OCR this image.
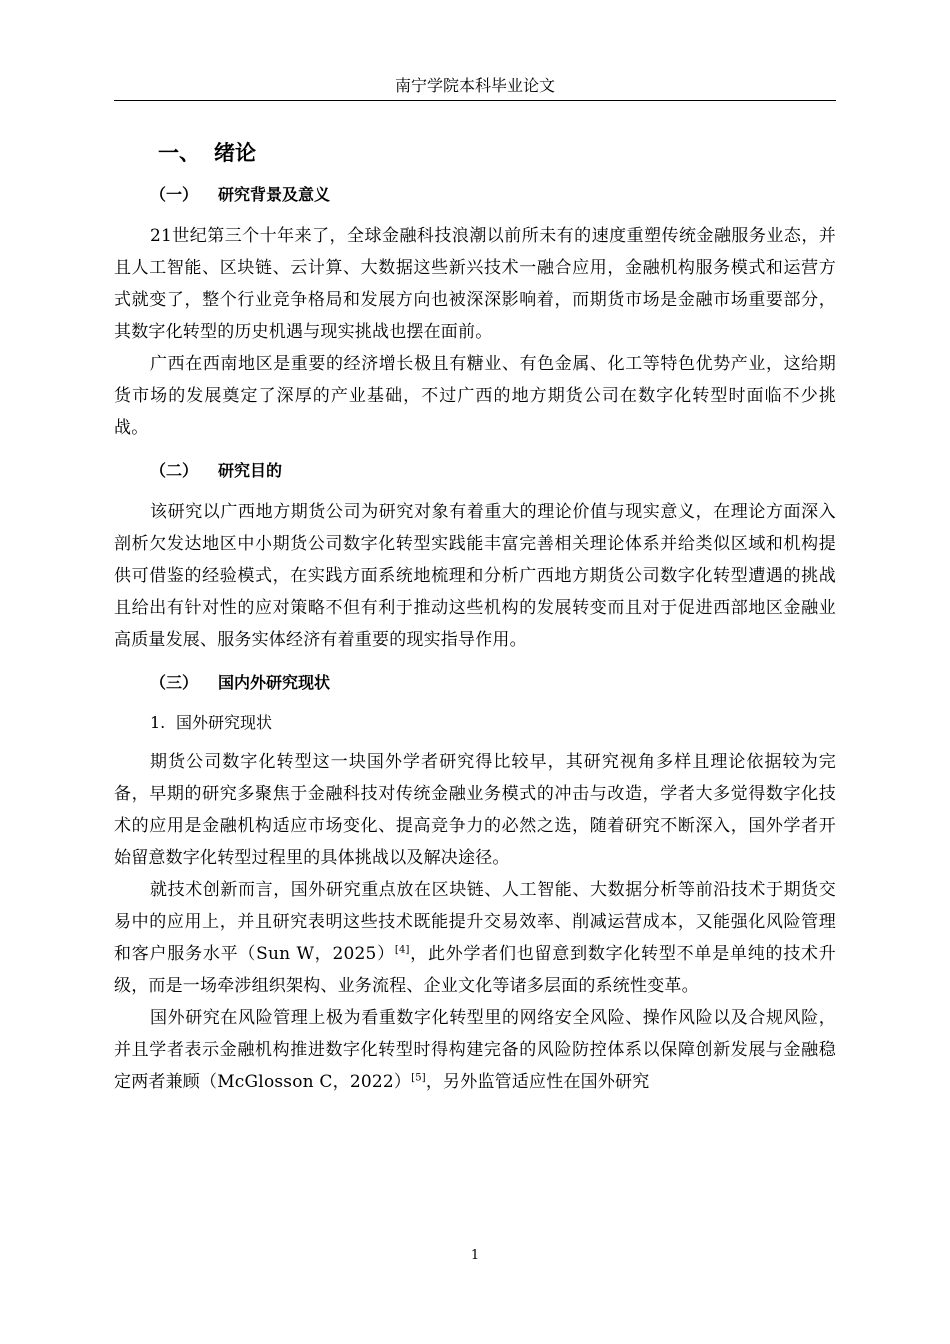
南宁学院本科毕业论文
一、 绪论
（一） 研究背景及意义

21世纪第三个十年来了，全球金融科技浪潮以前所未有的速度重塑传统金融服务业态，并且人工智能、区块链、云计算、大数据这些新兴技术一融合应用，金融机构服务模式和运营方式就变了，整个行业竞争格局和发展方向也被深深影响着，而期货市场是金融市场重要部分，其数字化转型的历史机遇与现实挑战也摆在面前。

广西在西南地区是重要的经济增长极且有糖业、有色金属、化工等特色优势产业，这给期货市场的发展奠定了深厚的产业基础，不过广西的地方期货公司在数字化转型时面临不少挑战。

（二） 研究目的

该研究以广西地方期货公司为研究对象有着重大的理论价值与现实意义，在理论方面深入剖析欠发达地区中小期货公司数字化转型实践能丰富完善相关理论体系并给类似区域和机构提供可借鉴的经验模式，在实践方面系统地梳理和分析广西地方期货公司数字化转型遭遇的挑战且给出有针对性的应对策略不但有利于推动这些机构的发展转变而且对于促进西部地区金融业高质量发展、服务实体经济有着重要的现实指导作用。

（三） 国内外研究现状
1. 国外研究现状

期货公司数字化转型这一块国外学者研究得比较早，其研究视角多样且理论依据较为完备，早期的研究多聚焦于金融科技对传统金融业务模式的冲击与改造，学者大多觉得数字化技术的应用是金融机构适应市场变化、提高竞争力的必然之选，随着研究不断深入，国外学者开始留意数字化转型过程里的具体挑战以及解决途径。

就技术创新而言，国外研究重点放在区块链、人工智能、大数据分析等前沿技术于期货交易中的应用上，并且研究表明这些技术既能提升交易效率、削减运营成本，又能强化风险管理和客户服务水平（Sun W，2025）[4]，此外学者们也留意到数字化转型不单是单纯的技术升级，而是一场牵涉组织架构、业务流程、企业文化等诸多层面的系统性变革。

国外研究在风险管理上极为看重数字化转型里的网络安全风险、操作风险以及合规风险，并且学者表示金融机构推进数字化转型时得构建完备的风险防控体系以保障创新发展与金融稳定两者兼顾（McGlosson C，2022）[5]，另外监管适应性在国外研究

1
